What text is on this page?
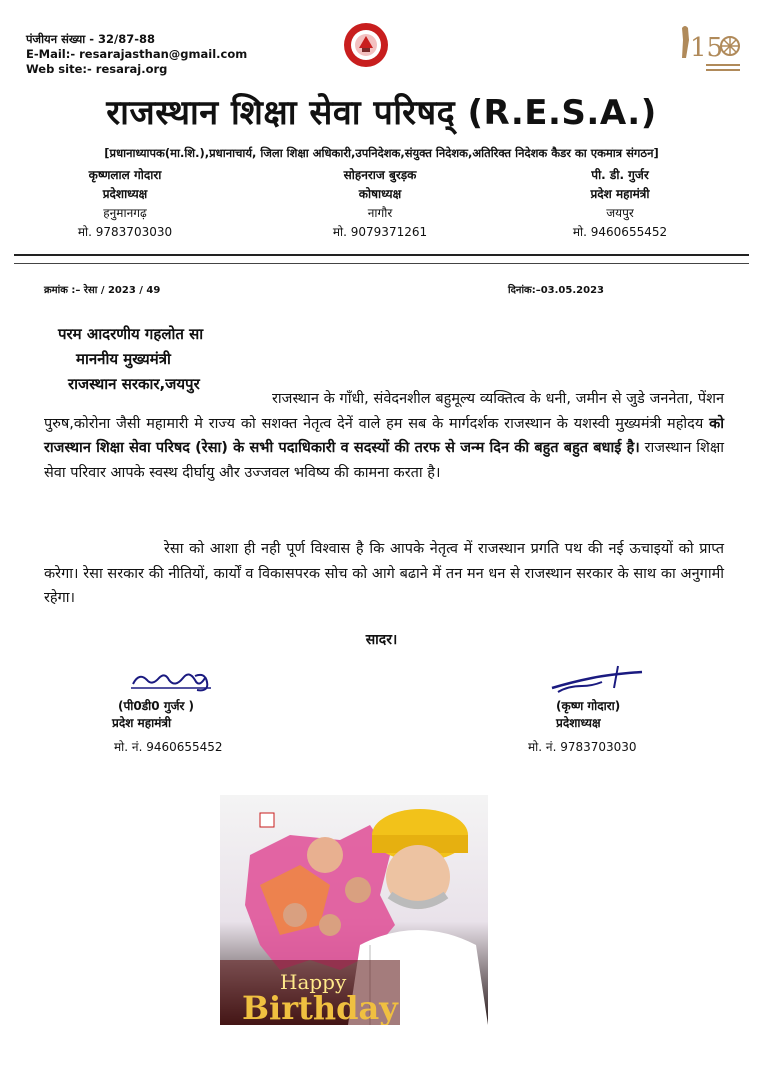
पंजीयन संख्या - 32/87-88
E-Mail:- resarajasthan@gmail.com
Web site:- resaraj.org
15
राजस्थान शिक्षा सेवा परिषद् (R.E.S.A.)
[प्रधानाध्यापक(मा.शि.),प्रधानाचार्य, जिला शिक्षा अधिकारी,उपनिदेशक,संयुक्त निदेशक,अतिरिक्त निदेशक कैडर का एकमात्र संगठन]
कृष्णलाल गोदारा
प्रदेशाध्यक्ष
हनुमानगढ़
मो. 9783703030
सोहनराज बुरड़क
कोषाध्यक्ष
नागौर
मो. 9079371261
पी. डी. गुर्जर
प्रदेश महामंत्री
जयपुर
मो. 9460655452
क्रमांक :– रेसा / 2023 / 49	दिनांक:–03.05.2023
परम आदरणीय गहलोत सा
माननीय मुख्यमंत्री
राजस्थान सरकार,जयपुर
राजस्थान के गाँधी, संवेदनशील बहुमूल्य व्यक्तित्व के धनी, जमीन से जुडे जननेता, पेंशन पुरुष,कोरोना जैसी महामारी मे राज्य को सशक्त नेतृत्व देनें वाले हम सब के मार्गदर्शक राजस्थान के यशस्वी मुख्यमंत्री महोदय को राजस्थान शिक्षा सेवा परिषद (रेसा) के सभी पदाधिकारी व सदस्यों की तरफ से जन्म दिन की बहुत बहुत बधाई है। राजस्थान शिक्षा सेवा परिवार आपके स्वस्थ दीर्घायु और उज्जवल भविष्य की कामना करता है।
रेसा को आशा ही नही पूर्ण विश्वास है कि आपके नेतृत्व में राजस्थान प्रगति पथ की नई ऊचाइयों को प्राप्त करेगा। रेसा सरकार की नीतियों, कार्यों व विकासपरक सोच को आगे बढाने में तन मन धन से राजस्थान सरकार के साथ का अनुगामी रहेगा।
सादर।
(पी0डी0 गुर्जर )
प्रदेश महामंत्री
मो. नं. 9460655452
(कृष्ण गोदारा)
प्रदेशाध्यक्ष
मो. नं. 9783703030
Happy
Birthday
